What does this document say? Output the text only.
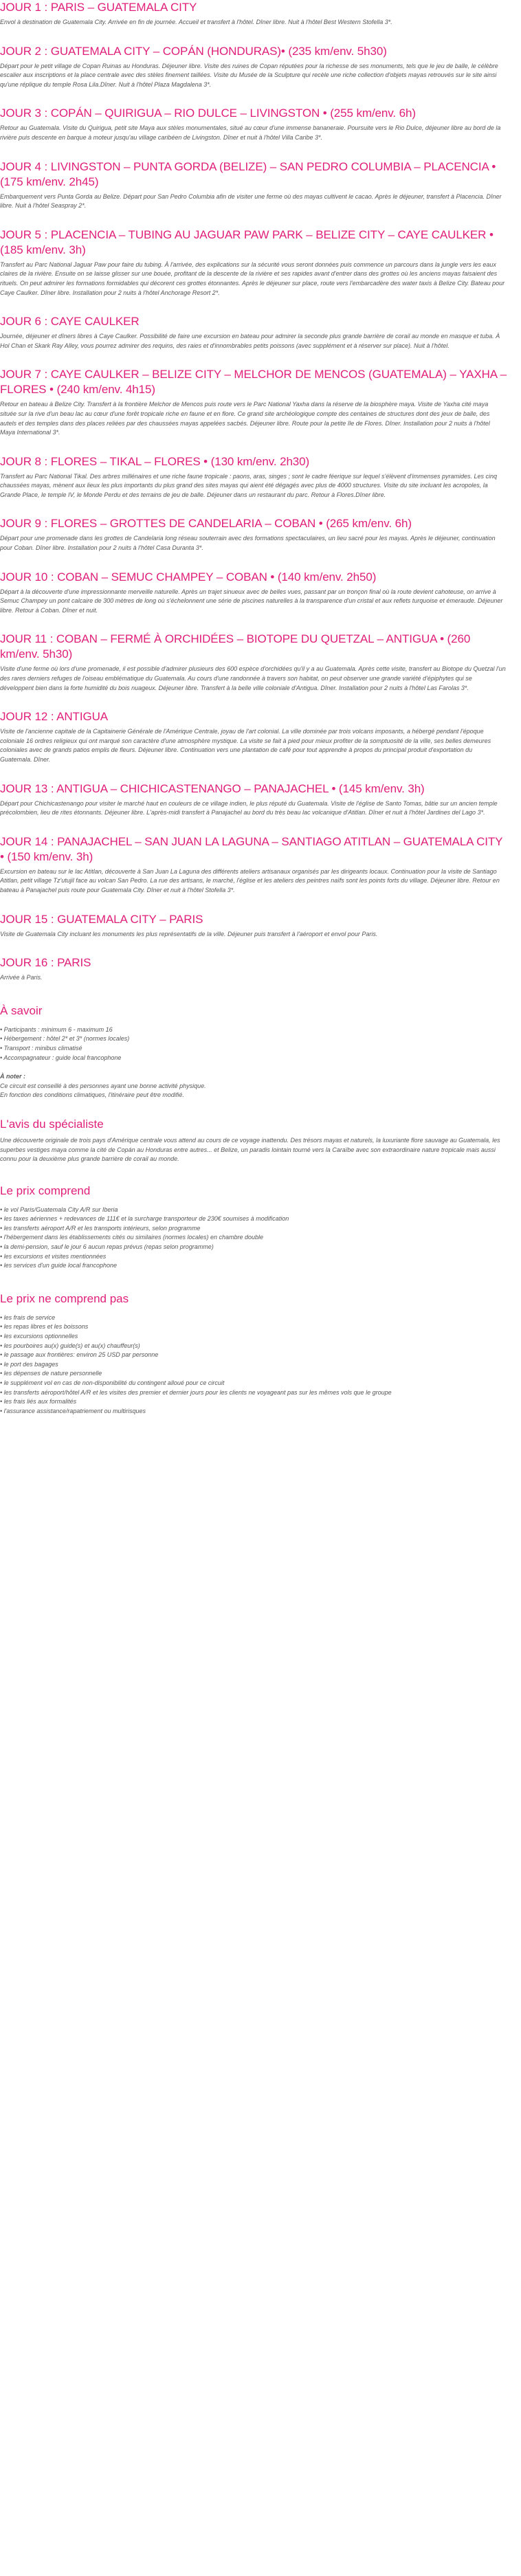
JOUR 1 : PARIS – GUATEMALA CITY

Envol à destination de Guatemala City. Arrivée en fin de journée. Accueil et transfert à l'hôtel. Dîner libre. Nuit à l'hôtel Best Western Stofella 3*.

JOUR 2 : GUATEMALA CITY – COPÁN (HONDURAS)• (235 km/env. 5h30)

Départ pour le petit village de Copan Ruinas au Honduras. Déjeuner libre. Visite des ruines de Copan réputées pour la richesse de ses monuments, tels que le jeu de balle, le célèbre escalier aux inscriptions et la place centrale avec des stèles finement taillées. Visite du Musée de la Sculpture qui recèle une riche collection d'objets mayas retrouvés sur le site ainsi qu'une réplique du temple Rosa Lila.Dîner. Nuit à l'hôtel Plaza Magdalena 3*.

JOUR 3 : COPÁN – QUIRIGUA – RIO DULCE – LIVINGSTON • (255 km/env. 6h)

Retour au Guatemala. Visite du Quirigua, petit site Maya aux stèles monumentales, situé au cœur d'une immense bananeraie. Poursuite vers le Rio Dulce, déjeuner libre au bord de la rivière puis descente en barque à moteur jusqu'au village caribéen de Livingston. Dîner et nuit à l'hôtel Villa Caribe 3*.

JOUR 4 : LIVINGSTON – PUNTA GORDA (BELIZE) – SAN PEDRO COLUMBIA – PLACENCIA • (175 km/env. 2h45)

Embarquement vers Punta Gorda au Belize. Départ pour San Pedro Columbia afin de visiter une ferme où des mayas cultivent le cacao. Après le déjeuner, transfert à Placencia. Dîner libre. Nuit à l'hôtel Seaspray 2*.

JOUR 5 : PLACENCIA – TUBING AU JAGUAR PAW PARK – BELIZE CITY – CAYE CAULKER • (185 km/env. 3h)

Transfert au Parc National Jaguar Paw pour faire du tubing. À l'arrivée, des explications sur la sécurité vous seront données puis commence un parcours dans la jungle vers les eaux claires de la rivière. Ensuite on se laisse glisser sur une bouée, profitant de la descente de la rivière et ses rapides avant d'entrer dans des grottes où les anciens mayas faisaient des rituels. On peut admirer les formations formidables qui décorent ces grottes étonnantes. Après le déjeuner sur place, route vers l'embarcadère des water taxis à Belize City. Bateau pour Caye Caulker. Dîner libre. Installation pour 2 nuits à l'hôtel Anchorage Resort 2*.

JOUR 6 : CAYE CAULKER

Journée, déjeuner et dîners libres à Caye Caulker. Possibilité de faire une excursion en bateau pour admirer la seconde plus grande barrière de corail au monde en masque et tuba. À Hol Chan et Skark Ray Alley, vous pourrez admirer des requins, des raies et d'innombrables petits poissons (avec supplément et à réserver sur place). Nuit à l'hôtel.

JOUR 7 : CAYE CAULKER – BELIZE CITY – MELCHOR DE MENCOS (GUATEMALA) – YAXHA – FLORES • (240 km/env. 4h15)

Retour en bateau à Belize City. Transfert à la frontière Melchor de Mencos puis route vers le Parc National Yaxha dans la réserve de la biosphère maya. Visite de Yaxha cité maya située sur la rive d'un beau lac au cœur d'une forêt tropicale riche en faune et en flore. Ce grand site archéologique compte des centaines de structures dont des jeux de balle, des autels et des temples dans des places reliées par des chaussées mayas appelées sacbés. Déjeuner libre. Route pour la petite île de Flores. Dîner. Installation pour 2 nuits à l'hôtel Maya International 3*.

JOUR 8 : FLORES – TIKAL – FLORES • (130 km/env. 2h30)

Transfert au Parc National Tikal. Des arbres millénaires et une riche faune tropicale : paons, aras, singes ; sont le cadre féerique sur lequel s'élèvent d'immenses pyramides. Les cinq chaussées mayas, mènent aux lieux les plus importants du plus grand des sites mayas qui aient été dégagés avec plus de 4000 structures. Visite du site incluant les acropoles, la Grande Place, le temple IV, le Monde Perdu et des terrains de jeu de balle. Déjeuner dans un restaurant du parc. Retour à Flores.Dîner libre.

JOUR 9 : FLORES – GROTTES DE CANDELARIA – COBAN • (265 km/env. 6h)

Départ pour une promenade dans les grottes de Candelaria long réseau souterrain avec des formations spectaculaires, un lieu sacré pour les mayas. Après le déjeuner, continuation pour Coban. Dîner libre. Installation pour 2 nuits à l'hôtel Casa Duranta 3*.

JOUR 10 : COBAN – SEMUC CHAMPEY – COBAN • (140 km/env. 2h50)

Départ à la découverte d'une impressionnante merveille naturelle. Après un trajet sinueux avec de belles vues, passant par un tronçon final où la route devient cahoteuse, on arrive à Semuc Champey un pont calcaire de 300 mètres de long où s'échelonnent une série de piscines naturelles à la transparence d'un cristal et aux reflets turquoise et émeraude. Déjeuner libre. Retour à Coban. Dîner et nuit.

JOUR 11 : COBAN – FERMÉ À ORCHIDÉES – BIOTOPE DU QUETZAL – ANTIGUA • (260 km/env. 5h30)

Visite d'une ferme où lors d'une promenade, il est possible d'admirer plusieurs des 600 espèce d'orchidées qu'il y a au Guatemala. Après cette visite, transfert au Biotope du Quetzal l'un des rares derniers refuges de l'oiseau emblématique du Guatemala. Au cours d'une randonnée à travers son habitat, on peut observer une grande variété d'épiphytes qui se développent bien dans la forte humidité du bois nuageux. Déjeuner libre. Transfert à la belle ville coloniale d'Antigua. Dîner. Installation pour 2 nuits à l'hôtel Las Farolas 3*.

JOUR 12 : ANTIGUA

Visite de l'ancienne capitale de la Capitainerie Générale de l'Amérique Centrale, joyau de l'art colonial. La ville dominée par trois volcans imposants, a hébergé pendant l'époque coloniale 16 ordres religieux qui ont marqué son caractère d'une atmosphère mystique. La visite se fait à pied pour mieux profiter de la somptuosité de la ville, ses belles demeures coloniales avec de grands patios emplis de fleurs. Déjeuner libre. Continuation vers une plantation de café pour tout apprendre à propos du principal produit d'exportation du Guatemala. Dîner.

JOUR 13 : ANTIGUA – CHICHICASTENANGO – PANAJACHEL • (145 km/env. 3h)

Départ pour Chichicastenango pour visiter le marché haut en couleurs de ce village indien, le plus réputé du Guatemala. Visite de l'église de Santo Tomas, bâtie sur un ancien temple précolombien, lieu de rites étonnants. Déjeuner libre. L'après-midi transfert à Panajachel au bord du très beau lac volcanique d'Atitlan. Dîner et nuit à l'hôtel Jardines del Lago 3*.

JOUR 14 : PANAJACHEL – SAN JUAN LA LAGUNA – SANTIAGO ATITLAN – GUATEMALA CITY • (150 km/env. 3h)

Excursion en bateau sur le lac Atitlan, découverte à San Juan La Laguna des différents ateliers artisanaux organisés par les dirigeants locaux. Continuation pour la visite de Santiago Atitlan, petit village Tz'utujil face au volcan San Pedro. La rue des artisans, le marché, l'église et les ateliers des peintres naïfs sont les points forts du village. Déjeuner libre. Retour en bateau à Panajachel puis route pour Guatemala City. Dîner et nuit à l'hôtel Stofella 3*.

JOUR 15 : GUATEMALA CITY – PARIS

Visite de Guatemala City incluant les monuments les plus représentatifs de la ville. Déjeuner puis transfert à l'aéroport et envol pour Paris.

JOUR 16 : PARIS

Arrivée à Paris.

À savoir
• Participants : minimum 6 - maximum 16
• Hébergement : hôtel 2* et 3* (normes locales)
• Transport : minibus climatisé
• Accompagnateur : guide local francophone

À noter :

Ce circuit est conseillé à des personnes ayant une bonne activité physique.

En fonction des conditions climatiques, l'itinéraire peut être modifié.

L'avis du spécialiste

Une découverte originale de trois pays d'Amérique centrale vous attend au cours de ce voyage inattendu. Des trésors mayas et naturels, la luxuriante flore sauvage au Guatemala, les superbes vestiges maya comme la cité de Copán au Honduras entre autres... et Belize, un paradis lointain tourné vers la Caraïbe avec son extraordinaire nature tropicale mais aussi connu pour la deuxième plus grande barrière de corail au monde.

Le prix comprend
• le vol Paris/Guatemala City A/R sur Iberia
• les taxes aériennes + redevances de 111€ et la surcharge transporteur de 230€ soumises à modification
• les transferts aéroport A/R et les transports intérieurs, selon programme
• l'hébergement dans les établissements cités ou similaires (normes locales) en chambre double
• la demi-pension, sauf le jour 6 aucun repas prévus (repas selon programme)
• les excursions et visites mentionnées
• les services d'un guide local francophone
Le prix ne comprend pas
• les frais de service
• les repas libres et les boissons
• les excursions optionnelles
• les pourboires au(x) guide(s) et au(x) chauffeur(s)
• le passage aux frontières: environ 25 USD par personne
• le port des bagages
• les dépenses de nature personnelle
• le supplément vol en cas de non-disponibilité du contingent alloué pour ce circuit
• les transferts aéroport/hôtel A/R et les visites des premier et dernier jours pour les clients ne voyageant pas sur les mêmes vols que le groupe
• les frais liés aux formalités
• l'assurance assistance/rapatriement ou multirisques
